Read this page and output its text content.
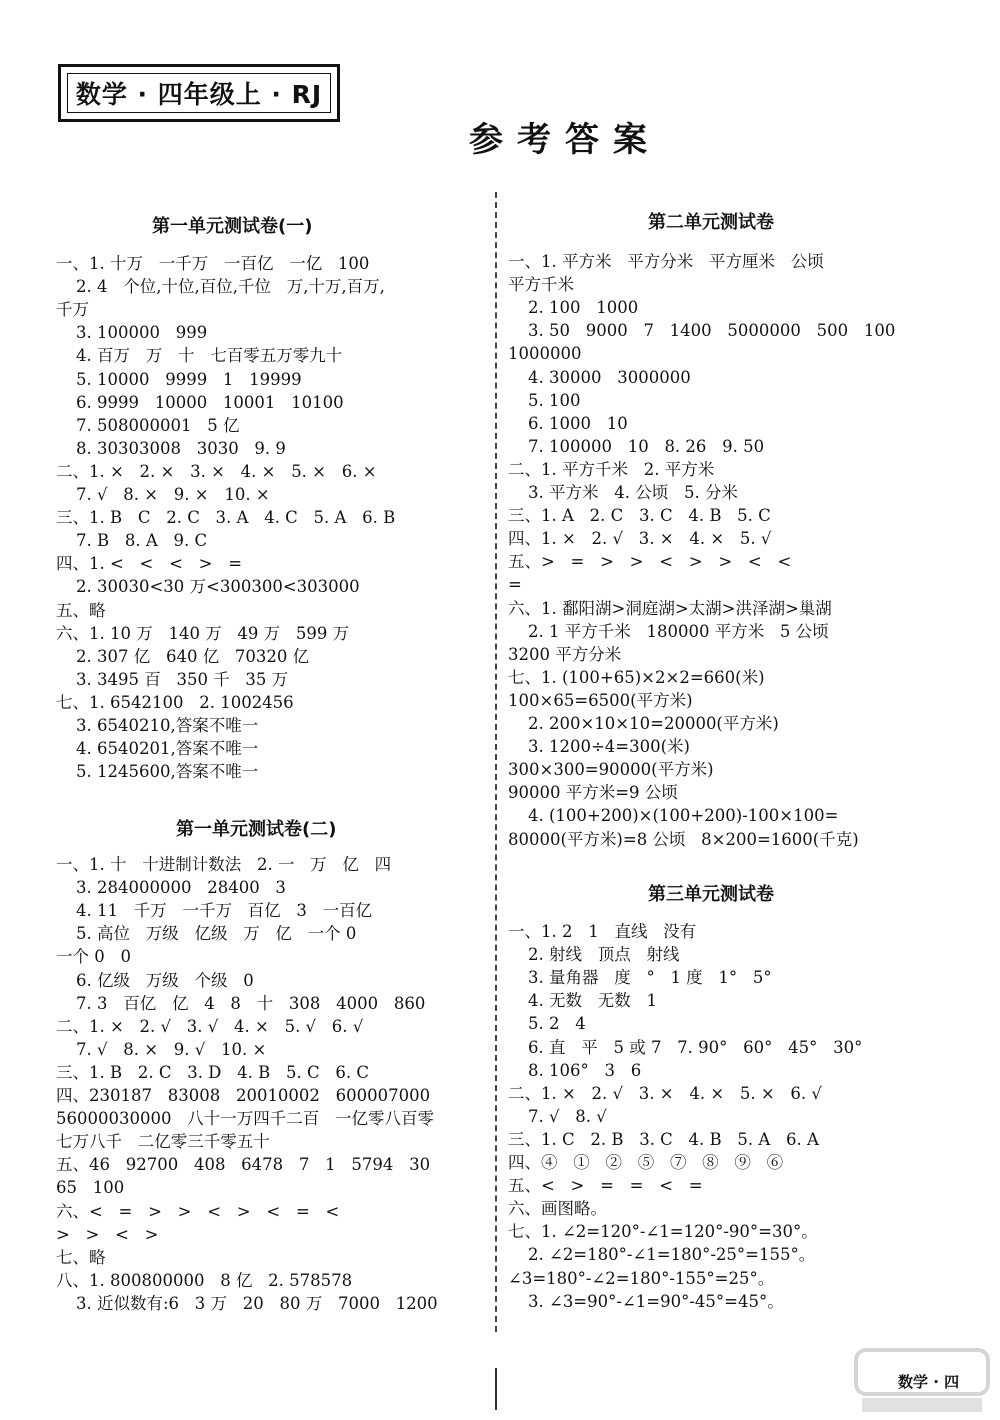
数学 · 四年级上 · RJ
参考答案
第一单元测试卷(一)
一、1. 十万   一千万   一百亿   一亿   100
2. 4   个位,十位,百位,千位   万,十万,百万,
千万
3. 100000   999
4. 百万   万   十   七百零五万零九十
5. 10000   9999   1   19999
6. 9999   10000   10001   10100
7. 508000001   5 亿
8. 30303008   3030   9. 9
二、1. ×   2. ×   3. ×   4. ×   5. ×   6. ×
7. √   8. ×   9. ×   10. ×
三、1. B   C   2. C   3. A   4. C   5. A   6. B
7. B   8. A   9. C
四、1. <   <   <   >   =
2. 30030<30 万<300300<303000
五、略
六、1. 10 万   140 万   49 万   599 万
2. 307 亿   640 亿   70320 亿
3. 3495 百   350 千   35 万
七、1. 6542100   2. 1002456
3. 6540210,答案不唯一
4. 6540201,答案不唯一
5. 1245600,答案不唯一
第一单元测试卷(二)
一、1. 十   十进制计数法   2. 一   万   亿   四
3. 284000000   28400   3
4. 11   千万   一千万   百亿   3   一百亿
5. 高位   万级   亿级   万   亿   一个 0
一个 0   0
6. 亿级   万级   个级   0
7. 3   百亿   亿   4   8   十   308   4000   860
二、1. ×   2. √   3. √   4. ×   5. √   6. √
7. √   8. ×   9. √   10. ×
三、1. B   2. C   3. D   4. B   5. C   6. C
四、230187   83008   20010002   600007000
56000030000   八十一万四千二百   一亿零八百零
七万八千   二亿零三千零五十
五、46   92700   408   6478   7   1   5794   30
65   100
六、<   =   >   >   <   >   <   =   <
>   >   <   >
七、略
八、1. 800800000   8 亿   2. 578578
3. 近似数有:6   3 万   20   80 万   7000   1200
第二单元测试卷
一、1. 平方米   平方分米   平方厘米   公顷
平方千米
2. 100   1000
3. 50   9000   7   1400   5000000   500   100
1000000
4. 30000   3000000
5. 100
6. 1000   10
7. 100000   10   8. 26   9. 50
二、1. 平方千米   2. 平方米
3. 平方米   4. 公顷   5. 分米
三、1. A   2. C   3. C   4. B   5. C
四、1. ×   2. √   3. ×   4. ×   5. √
五、>   =   >   >   <   >   >   <   <
=
六、1. 鄱阳湖>洞庭湖>太湖>洪泽湖>巢湖
2. 1 平方千米   180000 平方米   5 公顷
3200 平方分米
七、1. (100+65)×2×2=660(米)
100×65=6500(平方米)
2. 200×10×10=20000(平方米)
3. 1200÷4=300(米)
300×300=90000(平方米)
90000 平方米=9 公顷
4. (100+200)×(100+200)-100×100=
80000(平方米)=8 公顷   8×200=1600(千克)
第三单元测试卷
一、1. 2   1   直线   没有
2. 射线   顶点   射线
3. 量角器   度   °   1 度   1°   5°
4. 无数   无数   1
5. 2   4
6. 直   平   5 或 7   7. 90°   60°   45°   30°
8. 106°   3   6
二、1. ×   2. √   3. ×   4. ×   5. ×   6. √
7. √   8. √
三、1. C   2. B   3. C   4. B   5. A   6. A
四、④   ①   ②   ⑤   ⑦   ⑧   ⑨   ⑥
五、<   >   =   =   <   =
六、画图略。
七、1. ∠2=120°-∠1=120°-90°=30°。
2. ∠2=180°-∠1=180°-25°=155°。
∠3=180°-∠2=180°-155°=25°。
3. ∠3=90°-∠1=90°-45°=45°。
数学 · 四
